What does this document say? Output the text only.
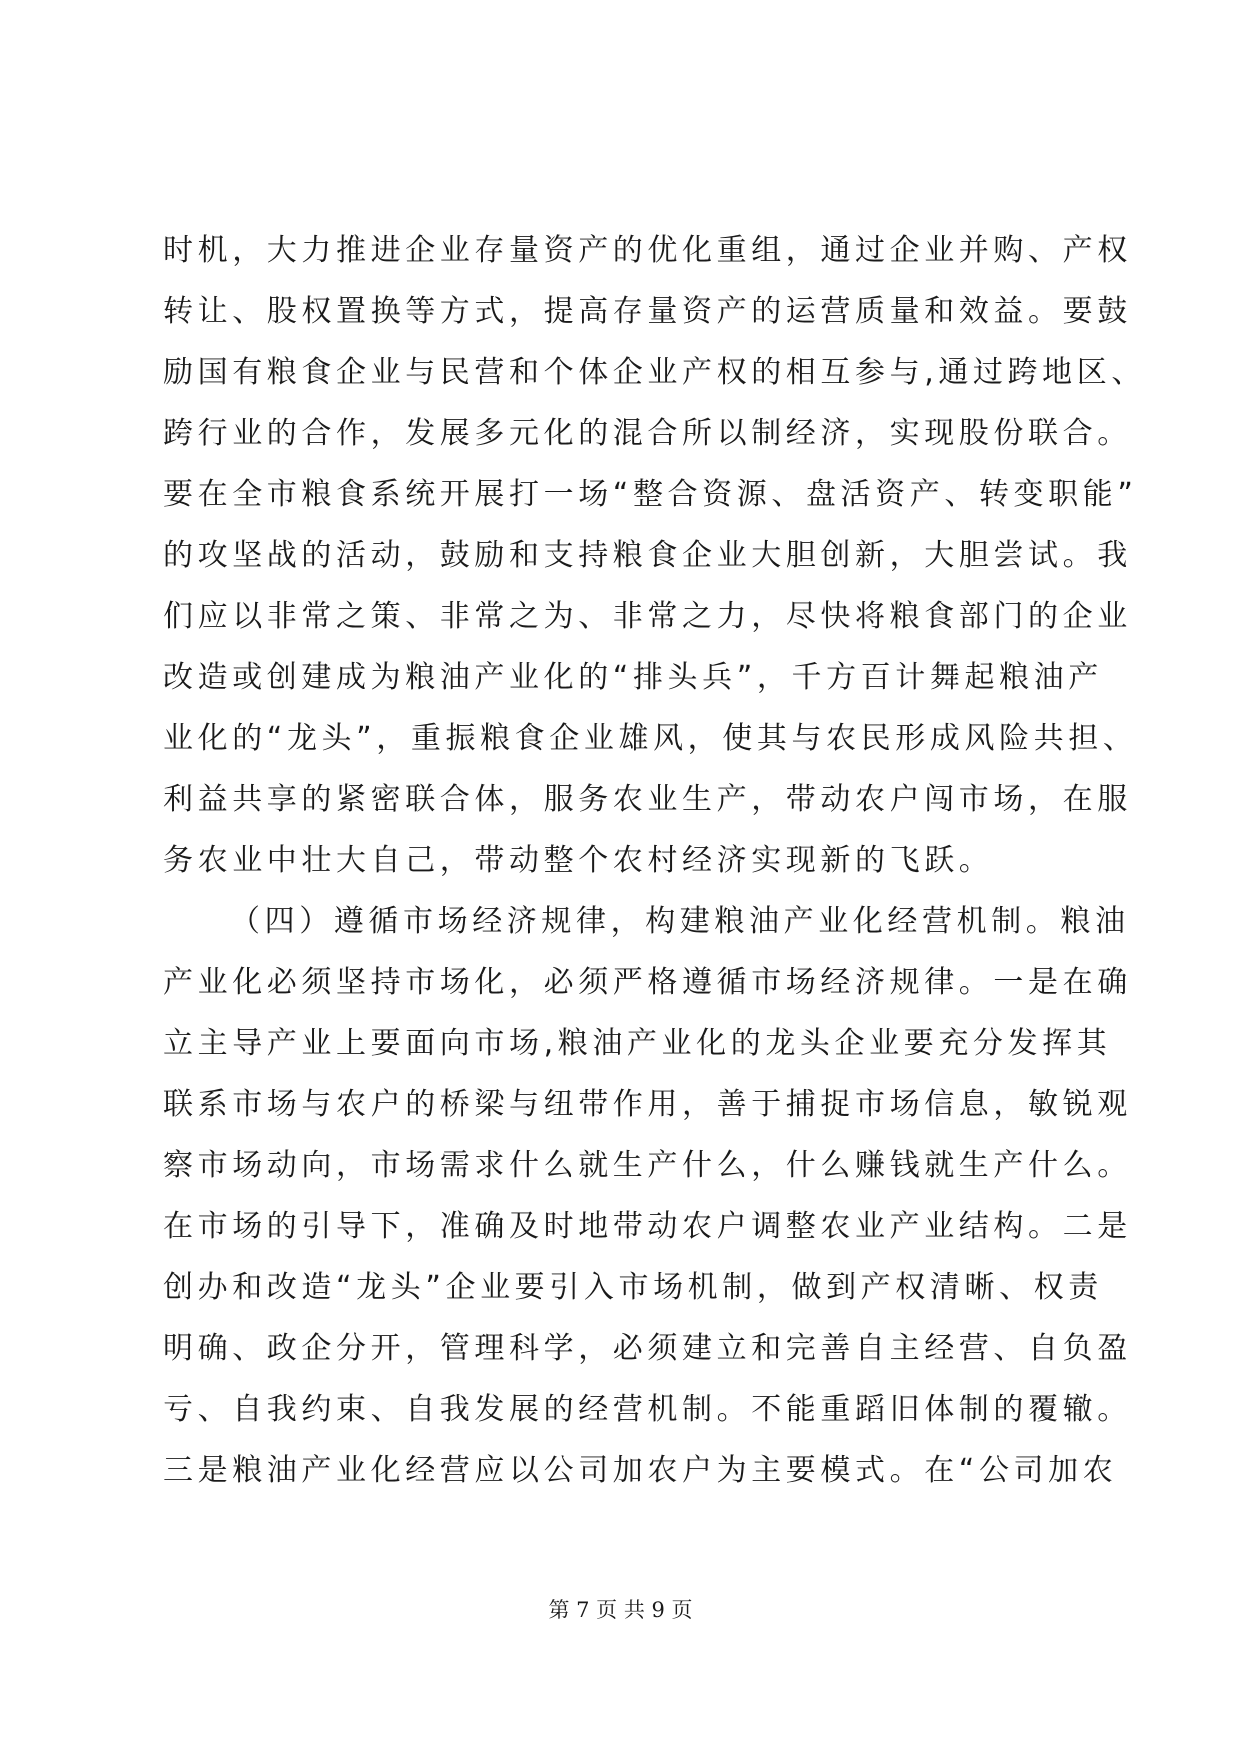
时机，大力推进企业存量资产的优化重组，通过企业并购、产权
转让、股权置换等方式，提高存量资产的运营质量和效益。要鼓
励国有粮食企业与民营和个体企业产权的相互参与,通过跨地区、
跨行业的合作，发展多元化的混合所以制经济，实现股份联合。
要在全市粮食系统开展打一场“整合资源、盘活资产、转变职能”
的攻坚战的活动，鼓励和支持粮食企业大胆创新，大胆尝试。我
们应以非常之策、非常之为、非常之力，尽快将粮食部门的企业
改造或创建成为粮油产业化的“排头兵”，千方百计舞起粮油产
业化的“龙头”，重振粮食企业雄风，使其与农民形成风险共担、
利益共享的紧密联合体，服务农业生产，带动农户闯市场，在服
务农业中壮大自己，带动整个农村经济实现新的飞跃。
（四）遵循市场经济规律，构建粮油产业化经营机制。粮油
产业化必须坚持市场化，必须严格遵循市场经济规律。一是在确
立主导产业上要面向市场,粮油产业化的龙头企业要充分发挥其
联系市场与农户的桥梁与纽带作用，善于捕捉市场信息，敏锐观
察市场动向，市场需求什么就生产什么，什么赚钱就生产什么。
在市场的引导下，准确及时地带动农户调整农业产业结构。二是
创办和改造“龙头”企业要引入市场机制，做到产权清晰、权责
明确、政企分开，管理科学，必须建立和完善自主经营、自负盈
亏、自我约束、自我发展的经营机制。不能重蹈旧体制的覆辙。
三是粮油产业化经营应以公司加农户为主要模式。在“公司加农
第 7 页 共 9 页
